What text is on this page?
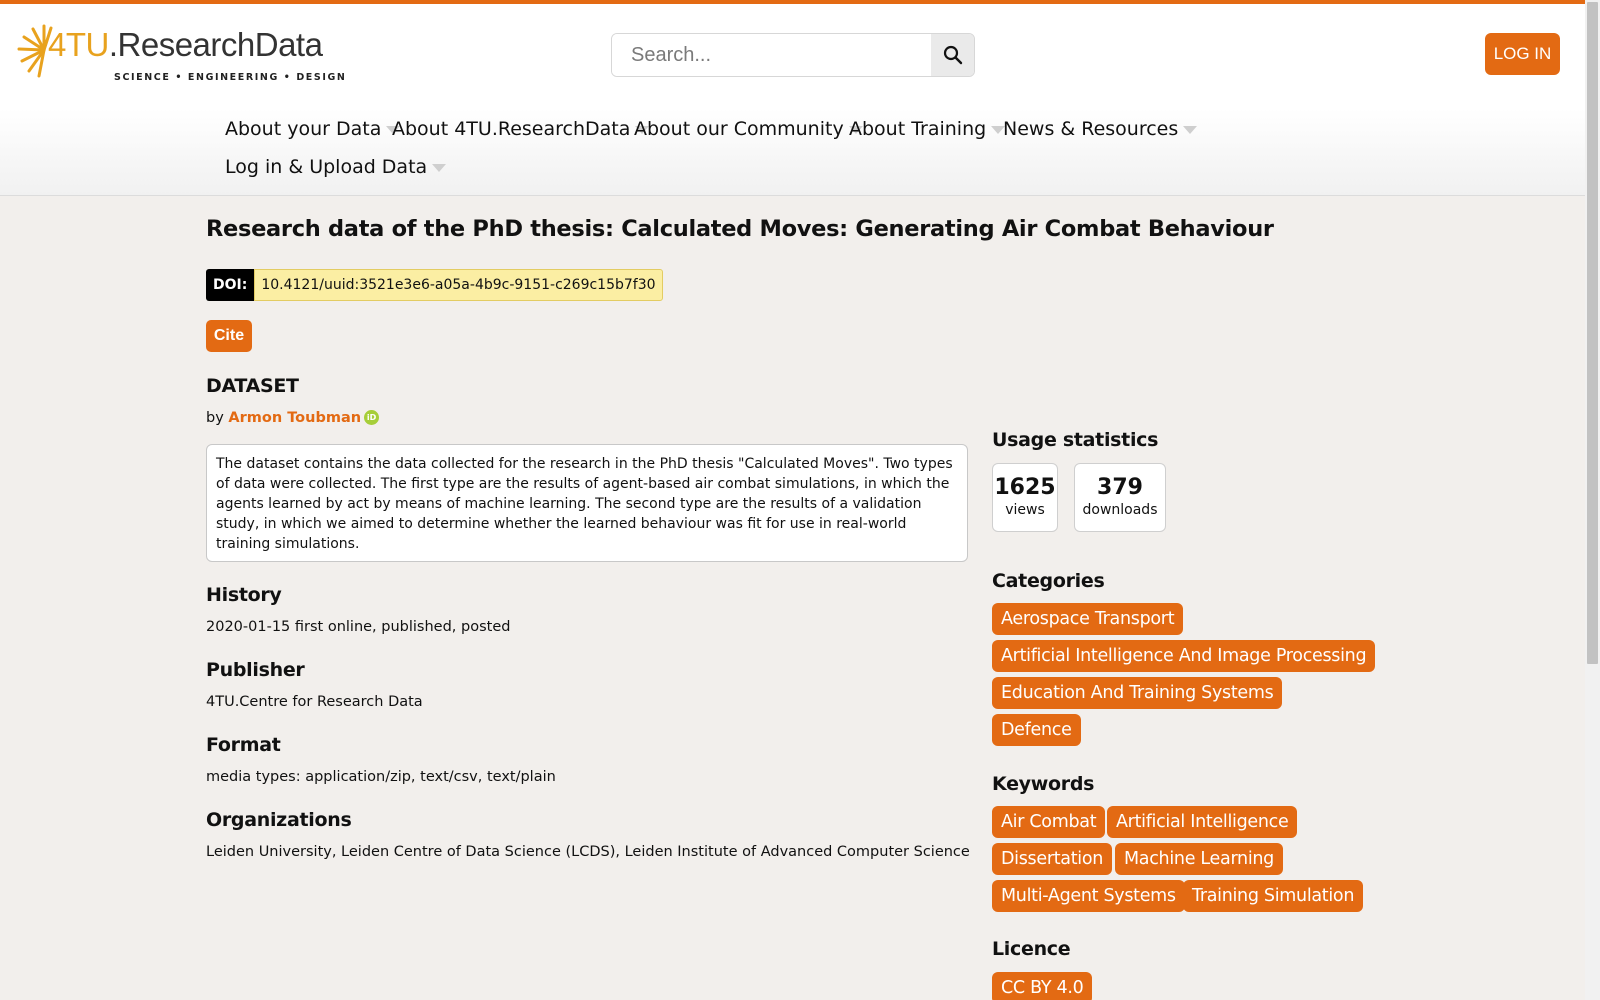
4TU.ResearchData
SCIENCE • ENGINEERING • DESIGN
Search...
LOG IN
About your Data About 4TU.ResearchData About our Community About Training News & Resources
Log in & Upload Data
Research data of the PhD thesis: Calculated Moves: Generating Air Combat Behaviour
DOI:	10.4121/uuid:3521e3e6-a05a-4b9c-9151-c269c15b7f30
Cite
DATASET
by Armon Toubman iD
The dataset contains the data collected for the research in the PhD thesis "Calculated Moves". Two types of data were collected. The first type are the results of agent-based air combat simulations, in which the agents learned by act by means of machine learning. The second type are the results of a validation study, in which we aimed to determine whether the learned behaviour was fit for use in real-world training simulations.
History
2020-01-15 first online, published, posted
Publisher
4TU.Centre for Research Data
Format
media types: application/zip, text/csv, text/plain
Organizations
Leiden University, Leiden Centre of Data Science (LCDS), Leiden Institute of Advanced Computer Science
Usage statistics
1625
views
379
downloads
Categories
Aerospace Transport
Artificial Intelligence And Image Processing
Education And Training Systems
Defence
Keywords
Air Combat	Artificial Intelligence
Dissertation	Machine Learning
Multi-Agent Systems Training Simulation
Licence
CC BY 4.0
